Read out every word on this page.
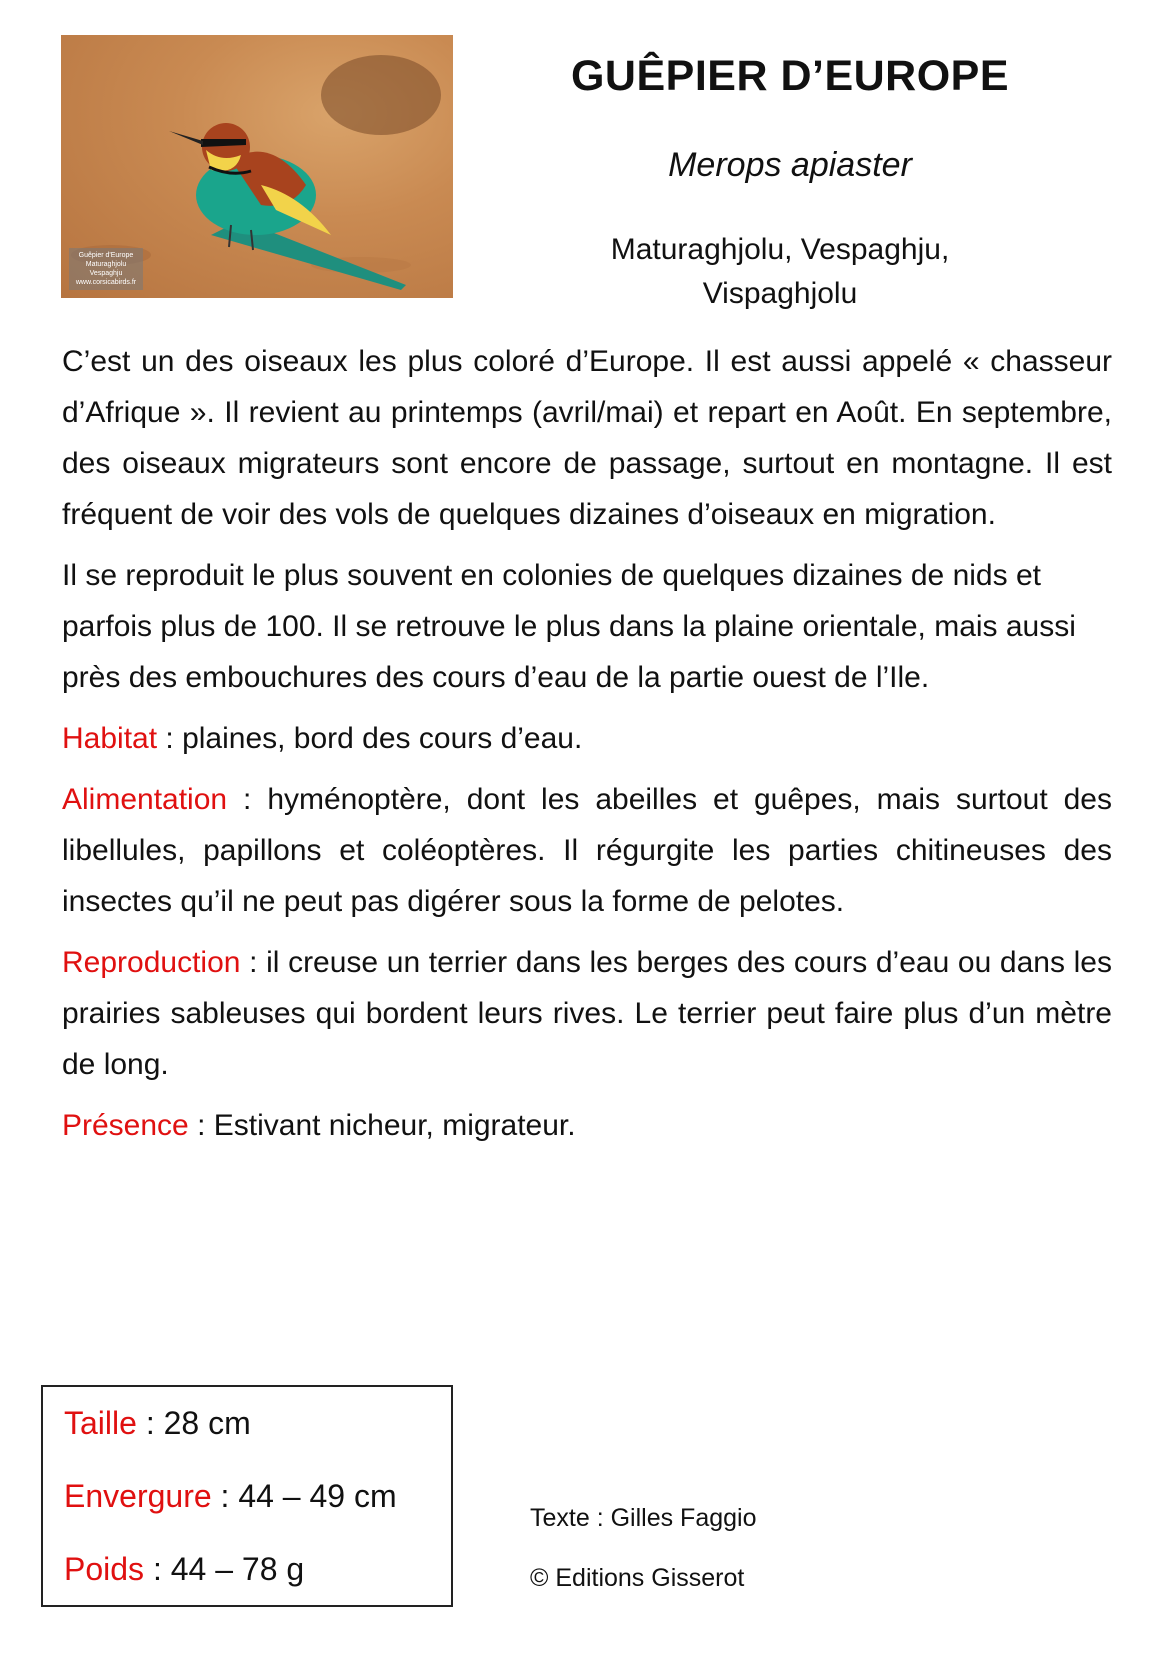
Guêpier d'Europe
Maturaghjolu
Vespaghju
www.corsicabirds.fr
GUÊPIER D’EUROPE
Merops apiaster
Maturaghjolu, Vespaghju,
Vispaghjolu

C’est un des oiseaux les plus coloré d’Europe. Il est aussi appelé « chasseur d’Afrique ». Il revient au printemps (avril/mai) et repart en Août. En septembre, des oiseaux migrateurs sont encore de passage, surtout en montagne. Il est fréquent de voir des vols de quelques dizaines d’oiseaux en migration.

Il se reproduit le plus souvent en colonies de quelques dizaines de nids et parfois plus de 100. Il se retrouve le plus dans la plaine orientale, mais aussi près des embouchures des cours d’eau de la partie ouest de l’Ile.

Habitat : plaines, bord des cours d’eau.

Alimentation : hyménoptère, dont les abeilles et guêpes, mais surtout des libellules, papillons et coléoptères. Il régurgite les parties chitineuses des insectes qu’il ne peut pas digérer sous la forme de pelotes.

Reproduction : il creuse un terrier dans les berges des cours d’eau ou dans les prairies sableuses qui bordent leurs rives. Le terrier peut faire plus d’un mètre de long.

Présence : Estivant nicheur, migrateur.

Taille : 28 cm
Envergure : 44 – 49 cm
Poids : 44 – 78 g
Texte : Gilles Faggio
© Editions Gisserot
